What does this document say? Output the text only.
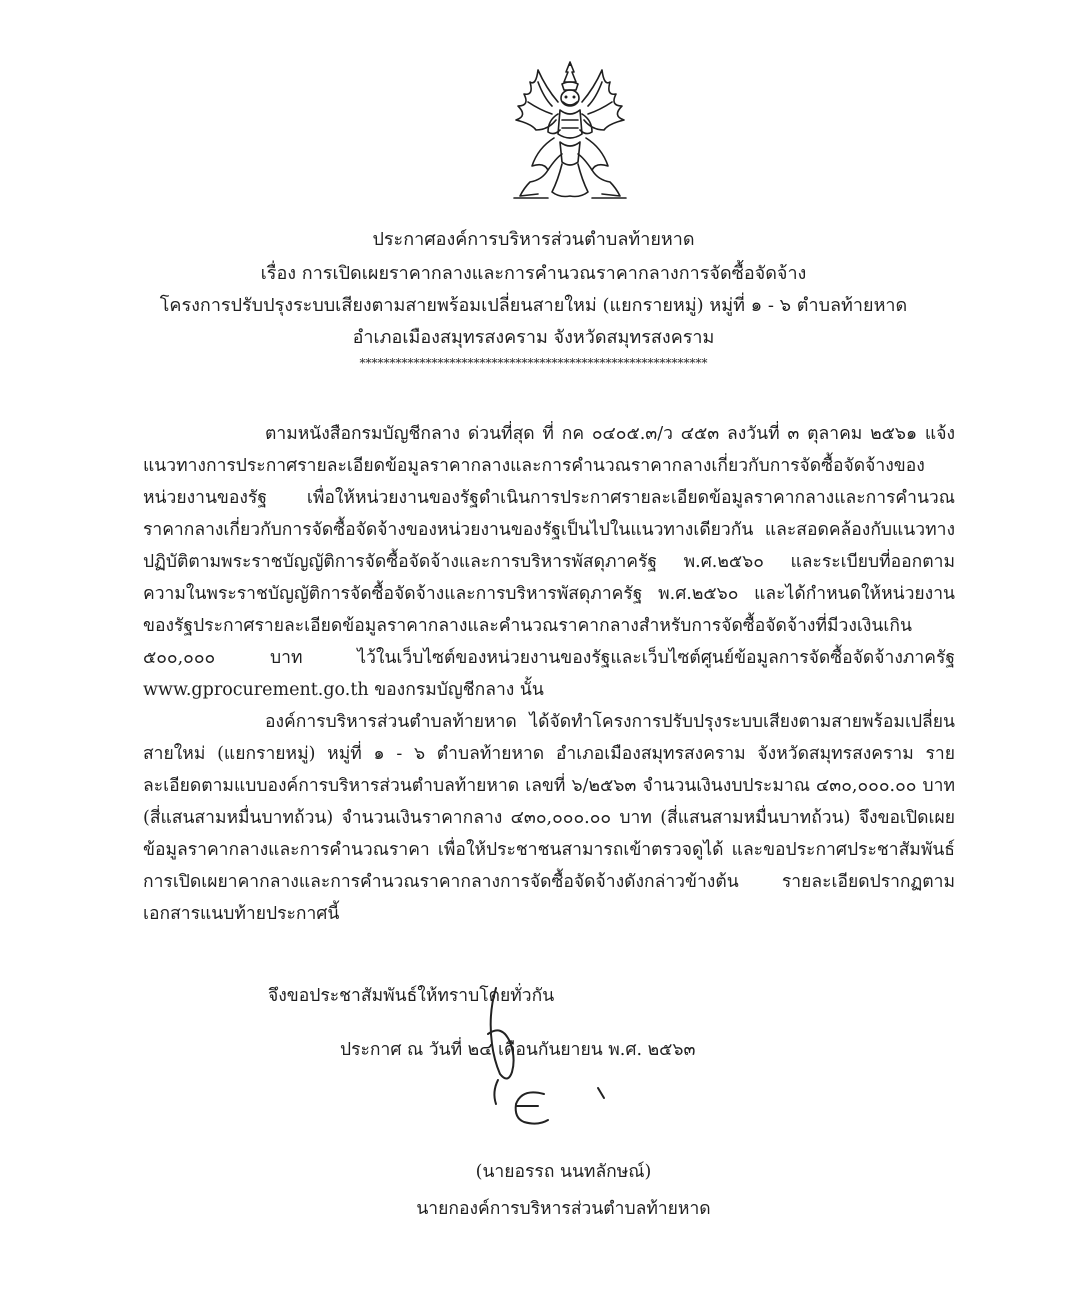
ประกาศองค์การบริหารส่วนตำบลท้ายหาด
เรื่อง การเปิดเผยราคากลางและการคำนวณราคากลางการจัดซื้อจัดจ้าง
โครงการปรับปรุงระบบเสียงตามสายพร้อมเปลี่ยนสายใหม่ (แยกรายหมู่) หมู่ที่ ๑ - ๖ ตำบลท้ายหาด
อำเภอเมืองสมุทรสงคราม จังหวัดสมุทรสงคราม
**********************************************************
ตามหนังสือกรมบัญชีกลาง ด่วนที่สุด ที่ กค ๐๔๐๕.๓/ว ๔๕๓ ลงวันที่ ๓ ตุลาคม ๒๕๖๑ แจ้งแนวทางการประกาศรายละเอียดข้อมูลราคากลางและการคำนวณราคากลางเกี่ยวกับการจัดซื้อจัดจ้างของหน่วยงานของรัฐ เพื่อให้หน่วยงานของรัฐดำเนินการประกาศรายละเอียดข้อมูลราคากลางและการคำนวณราคากลางเกี่ยวกับการจัดซื้อจัดจ้างของหน่วยงานของรัฐเป็นไปในแนวทางเดียวกัน และสอดคล้องกับแนวทางปฏิบัติตามพระราชบัญญัติการจัดซื้อจัดจ้างและการบริหารพัสดุภาครัฐ พ.ศ.๒๕๖๐ และระเบียบที่ออกตามความในพระราชบัญญัติการจัดซื้อจัดจ้างและการบริหารพัสดุภาครัฐ พ.ศ.๒๕๖๐ และได้กำหนดให้หน่วยงานของรัฐประกาศรายละเอียดข้อมูลราคากลางและคำนวณราคากลางสำหรับการจัดซื้อจัดจ้างที่มีวงเงินเกิน ๕๐๐,๐๐๐ บาท ไว้ในเว็บไซต์ของหน่วยงานของรัฐและเว็บไซต์ศูนย์ข้อมูลการจัดซื้อจัดจ้างภาครัฐ www.gprocurement.go.th ของกรมบัญชีกลาง นั้น
องค์การบริหารส่วนตำบลท้ายหาด ได้จัดทำโครงการปรับปรุงระบบเสียงตามสายพร้อมเปลี่ยนสายใหม่ (แยกรายหมู่) หมู่ที่ ๑ - ๖ ตำบลท้ายหาด อำเภอเมืองสมุทรสงคราม จังหวัดสมุทรสงคราม รายละเอียดตามแบบองค์การบริหารส่วนตำบลท้ายหาด เลขที่ ๖/๒๕๖๓ จำนวนเงินงบประมาณ ๔๓๐,๐๐๐.๐๐ บาท (สี่แสนสามหมื่นบาทถ้วน) จำนวนเงินราคากลาง ๔๓๐,๐๐๐.๐๐ บาท (สี่แสนสามหมื่นบาทถ้วน) จึงขอเปิดเผยข้อมูลราคากลางและการคำนวณราคา เพื่อให้ประชาชนสามารถเข้าตรวจดูได้ และขอประกาศประชาสัมพันธ์การเปิดเผยาคากลางและการคำนวณราคากลางการจัดซื้อจัดจ้างดังกล่าวข้างต้น รายละเอียดปรากฏตามเอกสารแนบท้ายประกาศนี้
จึงขอประชาสัมพันธ์ให้ทราบโดยทั่วกัน
ประกาศ ณ วันที่ ๒๔ เดือนกันยายน พ.ศ. ๒๕๖๓
(นายอรรถ นนทลักษณ์)
นายกองค์การบริหารส่วนตำบลท้ายหาด
